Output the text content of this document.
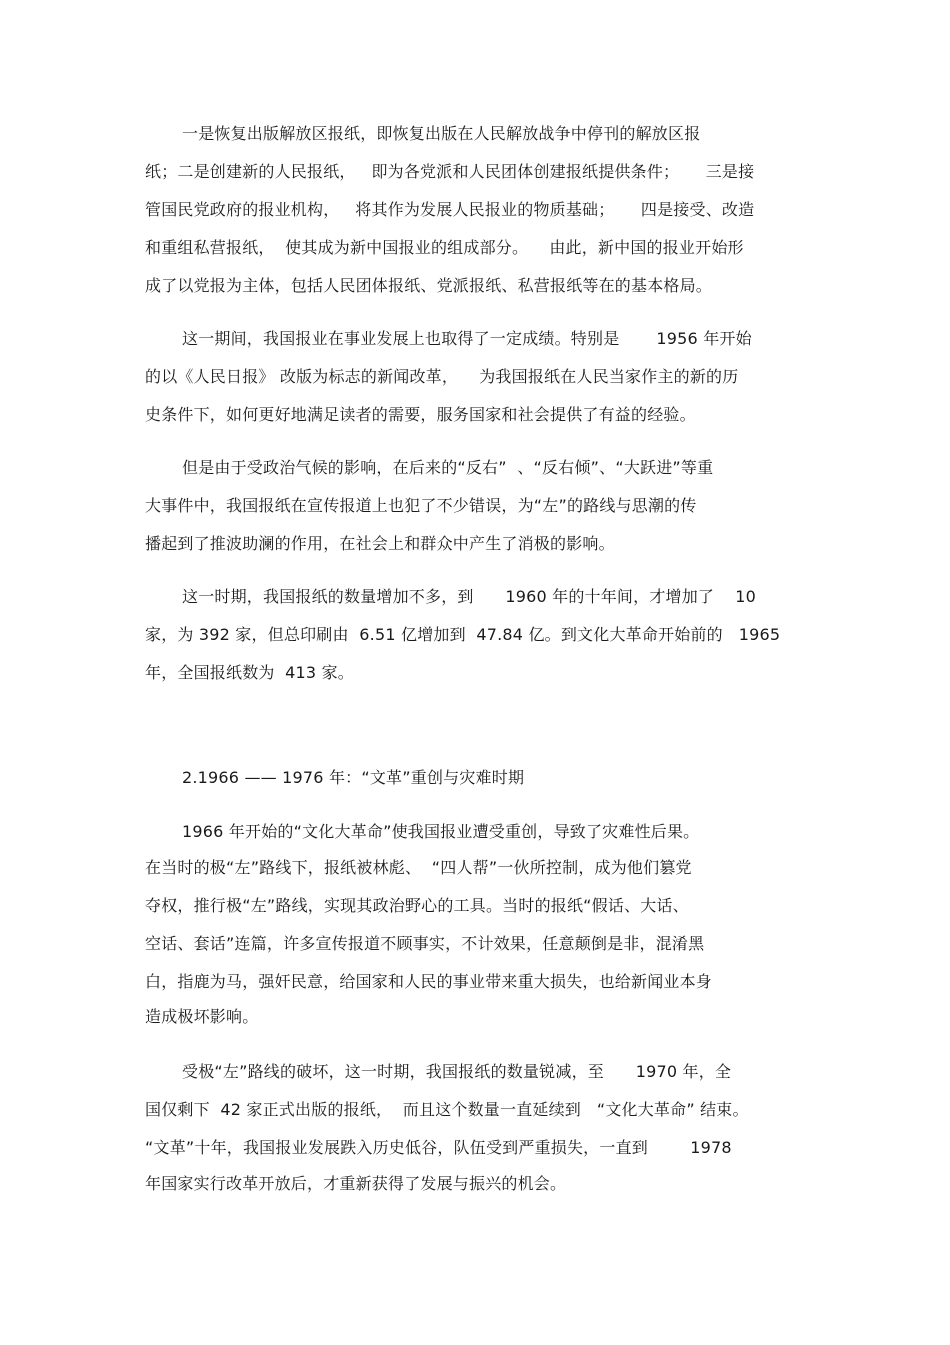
一是恢复出版解放区报纸，即恢复出版在人民解放战争中停刊的解放区报
纸；二是创建新的人民报纸，   即为各党派和人民团体创建报纸提供条件；     三是接
管国民党政府的报业机构，   将其作为发展人民报业的物质基础；     四是接受、改造
和重组私营报纸，  使其成为新中国报业的组成部分。    由此，新中国的报业开始形
成了以党报为主体，包括人民团体报纸、党派报纸、私营报纸等在的基本格局。
这一期间，我国报业在事业发展上也取得了一定成绩。特别是       1956 年开始
的以《人民日报》 改版为标志的新闻改革，    为我国报纸在人民当家作主的新的历
史条件下，如何更好地满足读者的需要，服务国家和社会提供了有益的经验。
但是由于受政治气候的影响，在后来的“反右”  、“反右倾”、“大跃进”等重
大事件中，我国报纸在宣传报道上也犯了不少错误，为“左”的路线与思潮的传
播起到了推波助澜的作用，在社会上和群众中产生了消极的影响。
这一时期，我国报纸的数量增加不多，到      1960 年的十年间，才增加了    10
家，为 392 家，但总印刷由  6.51 亿增加到  47.84 亿。到文化大革命开始前的   1965
年，全国报纸数为  413 家。
2.1966 —— 1976 年：“文革”重创与灾难时期
1966 年开始的“文化大革命”使我国报业遭受重创，导致了灾难性后果。
在当时的极“左”路线下，报纸被林彪、  “四人帮”一伙所控制，成为他们篡党
夺权，推行极“左”路线，实现其政治野心的工具。当时的报纸“假话、大话、
空话、套话”连篇，许多宣传报道不顾事实，不计效果，任意颠倒是非，混淆黑
白，指鹿为马，强奸民意，给国家和人民的事业带来重大损失，也给新闻业本身
造成极坏影响。
受极“左”路线的破坏，这一时期，我国报纸的数量锐减，至      1970 年，全
国仅剩下  42 家正式出版的报纸，  而且这个数量一直延续到   “文化大革命” 结束。
“文革”十年，我国报业发展跌入历史低谷，队伍受到严重损失，一直到        1978
年国家实行改革开放后，才重新获得了发展与振兴的机会。
